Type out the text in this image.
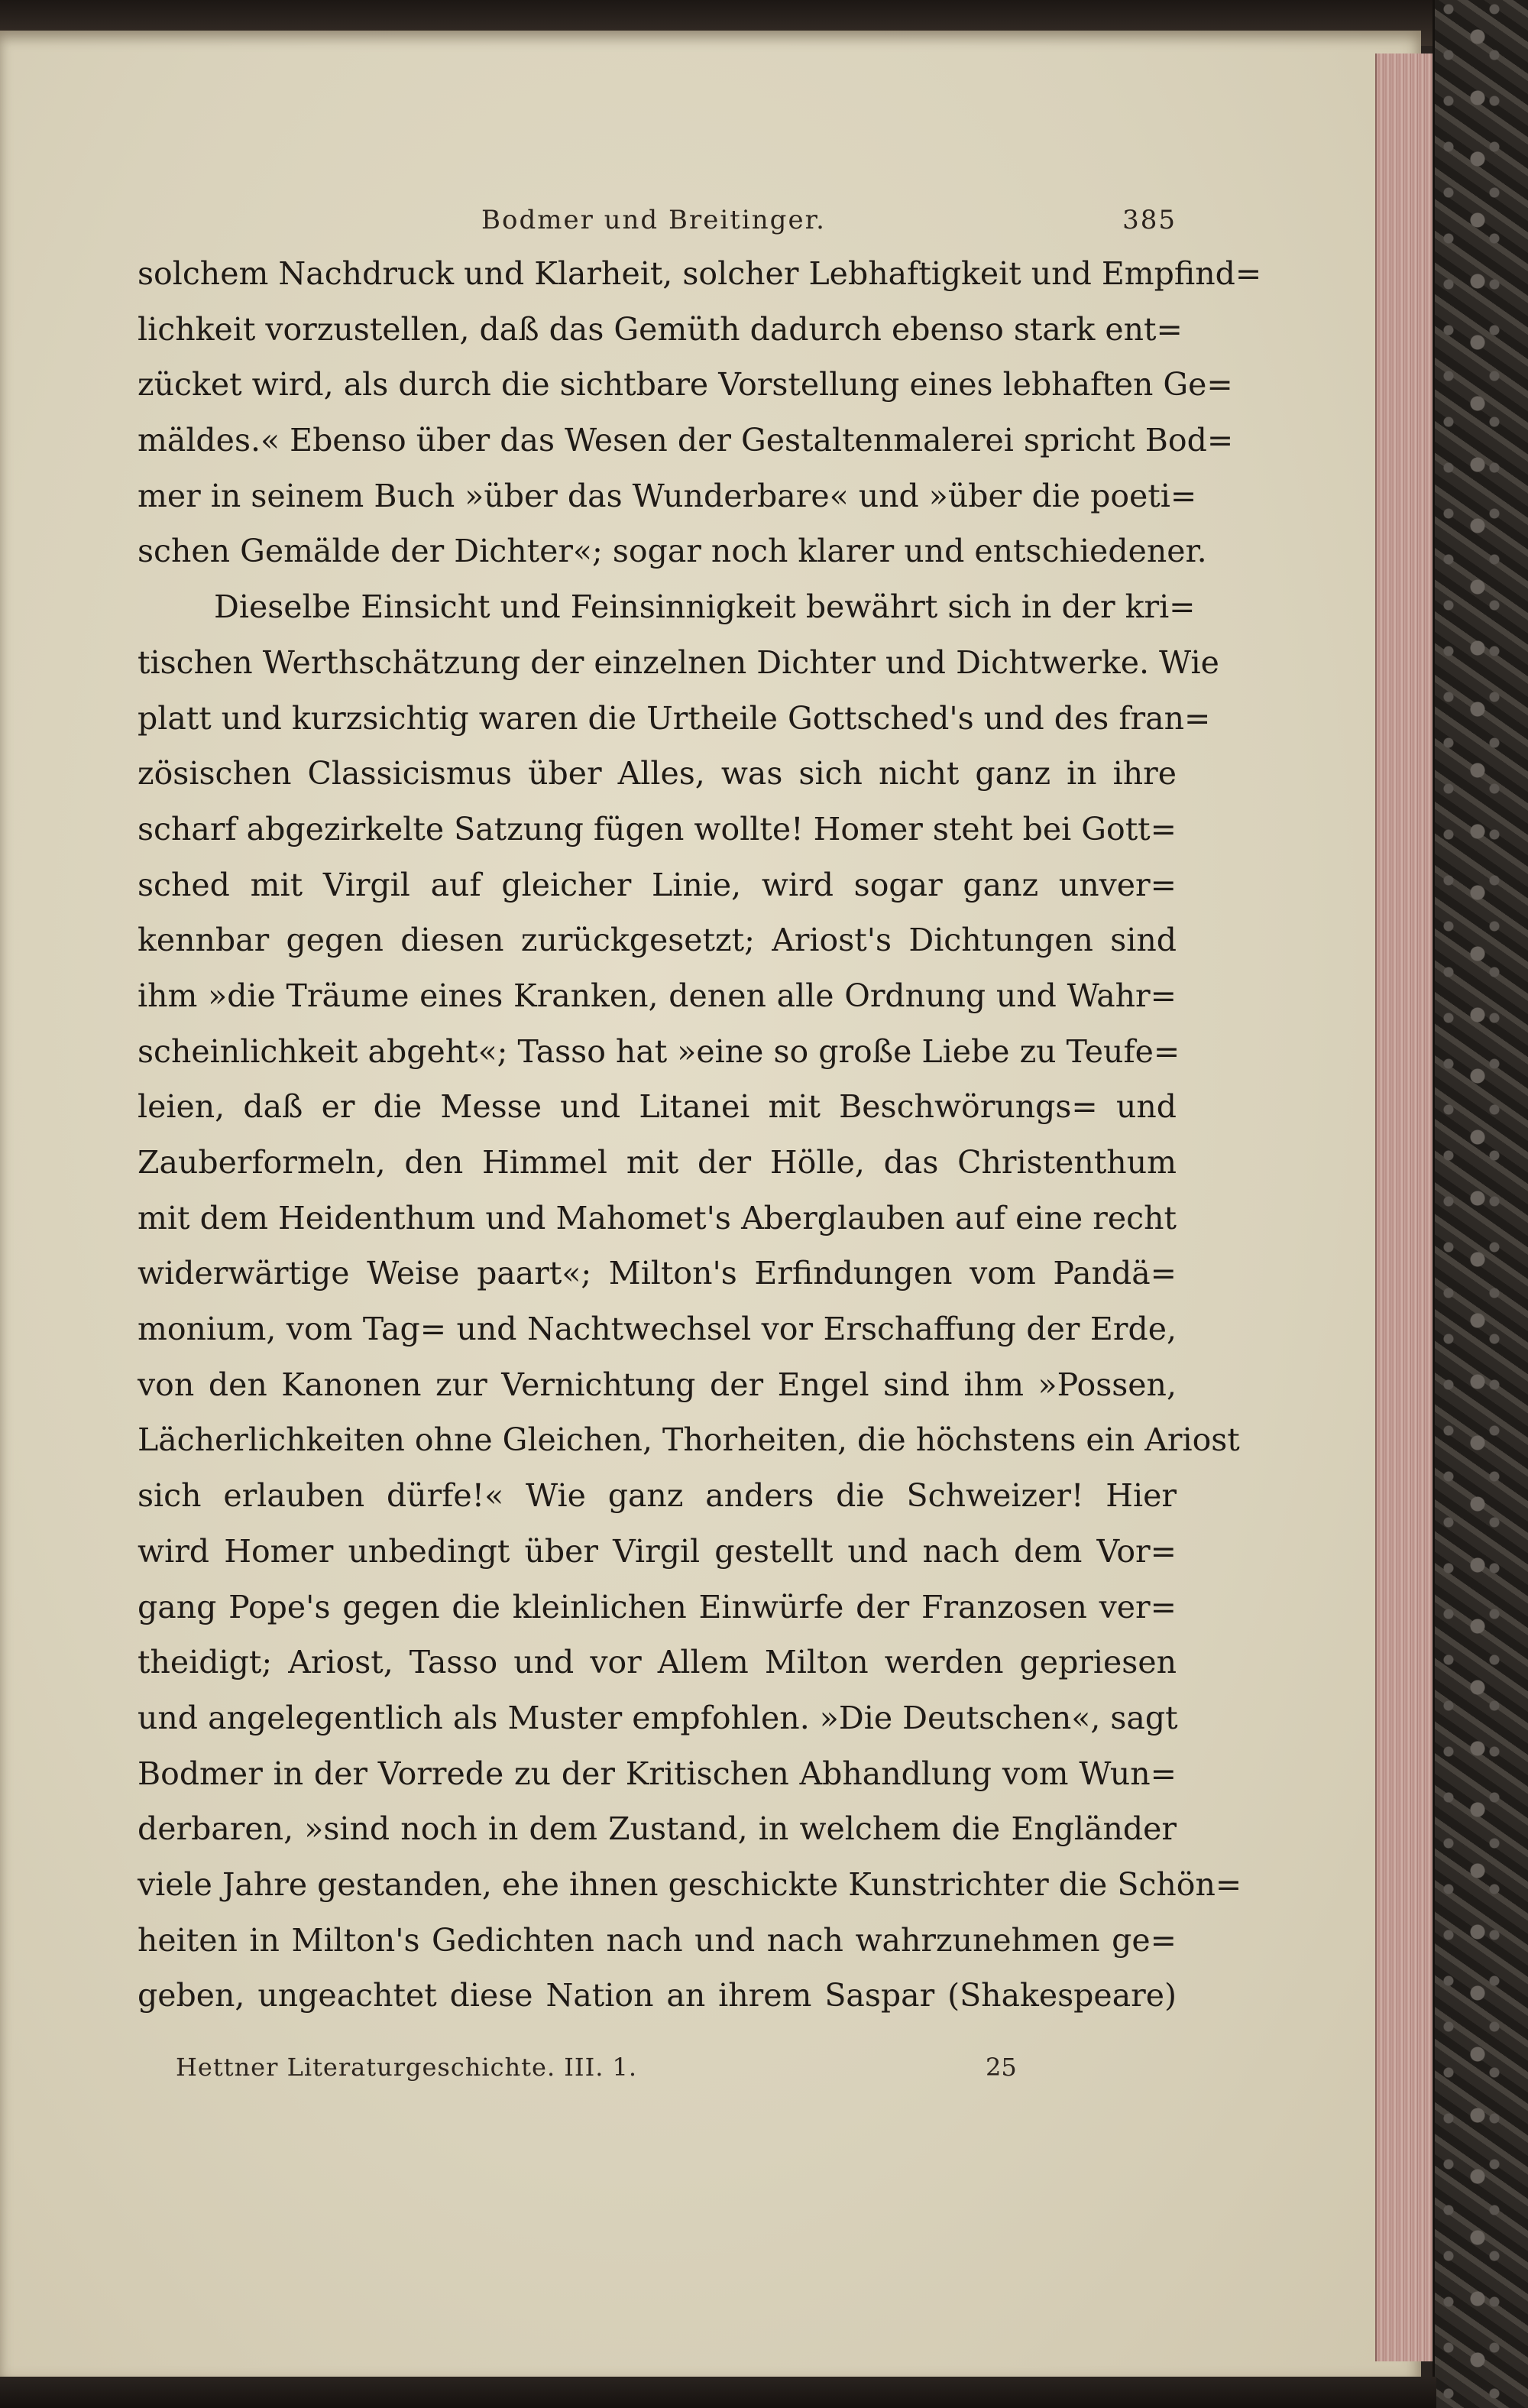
Bodmer und Breitinger.	385
solchem Nachdruck und Klarheit, solcher Lebhaftigkeit und Empfind=
lichkeit vorzustellen, daß das Gemüth dadurch ebenso stark ent=
zücket wird, als durch die sichtbare Vorstellung eines lebhaften Ge=
mäldes.« Ebenso über das Wesen der Gestaltenmalerei spricht Bod=
mer in seinem Buch »über das Wunderbare« und »über die poeti=
schen Gemälde der Dichter«; sogar noch klarer und entschiedener.
Dieselbe Einsicht und Feinsinnigkeit bewährt sich in der kri=
tischen Werthschätzung der einzelnen Dichter und Dichtwerke. Wie
platt und kurzsichtig waren die Urtheile Gottsched's und des fran=
zösischen Classicismus über Alles, was sich nicht ganz in ihre
scharf abgezirkelte Satzung fügen wollte! Homer steht bei Gott=
sched mit Virgil auf gleicher Linie, wird sogar ganz unver=
kennbar gegen diesen zurückgesetzt; Ariost's Dichtungen sind
ihm »die Träume eines Kranken, denen alle Ordnung und Wahr=
scheinlichkeit abgeht«; Tasso hat »eine so große Liebe zu Teufe=
leien, daß er die Messe und Litanei mit Beschwörungs= und
Zauberformeln, den Himmel mit der Hölle, das Christenthum
mit dem Heidenthum und Mahomet's Aberglauben auf eine recht
widerwärtige Weise paart«; Milton's Erfindungen vom Pandä=
monium, vom Tag= und Nachtwechsel vor Erschaffung der Erde,
von den Kanonen zur Vernichtung der Engel sind ihm »Possen,
Lächerlichkeiten ohne Gleichen, Thorheiten, die höchstens ein Ariost
sich erlauben dürfe!« Wie ganz anders die Schweizer! Hier
wird Homer unbedingt über Virgil gestellt und nach dem Vor=
gang Pope's gegen die kleinlichen Einwürfe der Franzosen ver=
theidigt; Ariost, Tasso und vor Allem Milton werden gepriesen
und angelegentlich als Muster empfohlen. »Die Deutschen«, sagt
Bodmer in der Vorrede zu der Kritischen Abhandlung vom Wun=
derbaren, »sind noch in dem Zustand, in welchem die Engländer
viele Jahre gestanden, ehe ihnen geschickte Kunstrichter die Schön=
heiten in Milton's Gedichten nach und nach wahrzunehmen ge=
geben, ungeachtet diese Nation an ihrem Saspar (Shakespeare)
Hettner Literaturgeschichte. III. 1.	25
